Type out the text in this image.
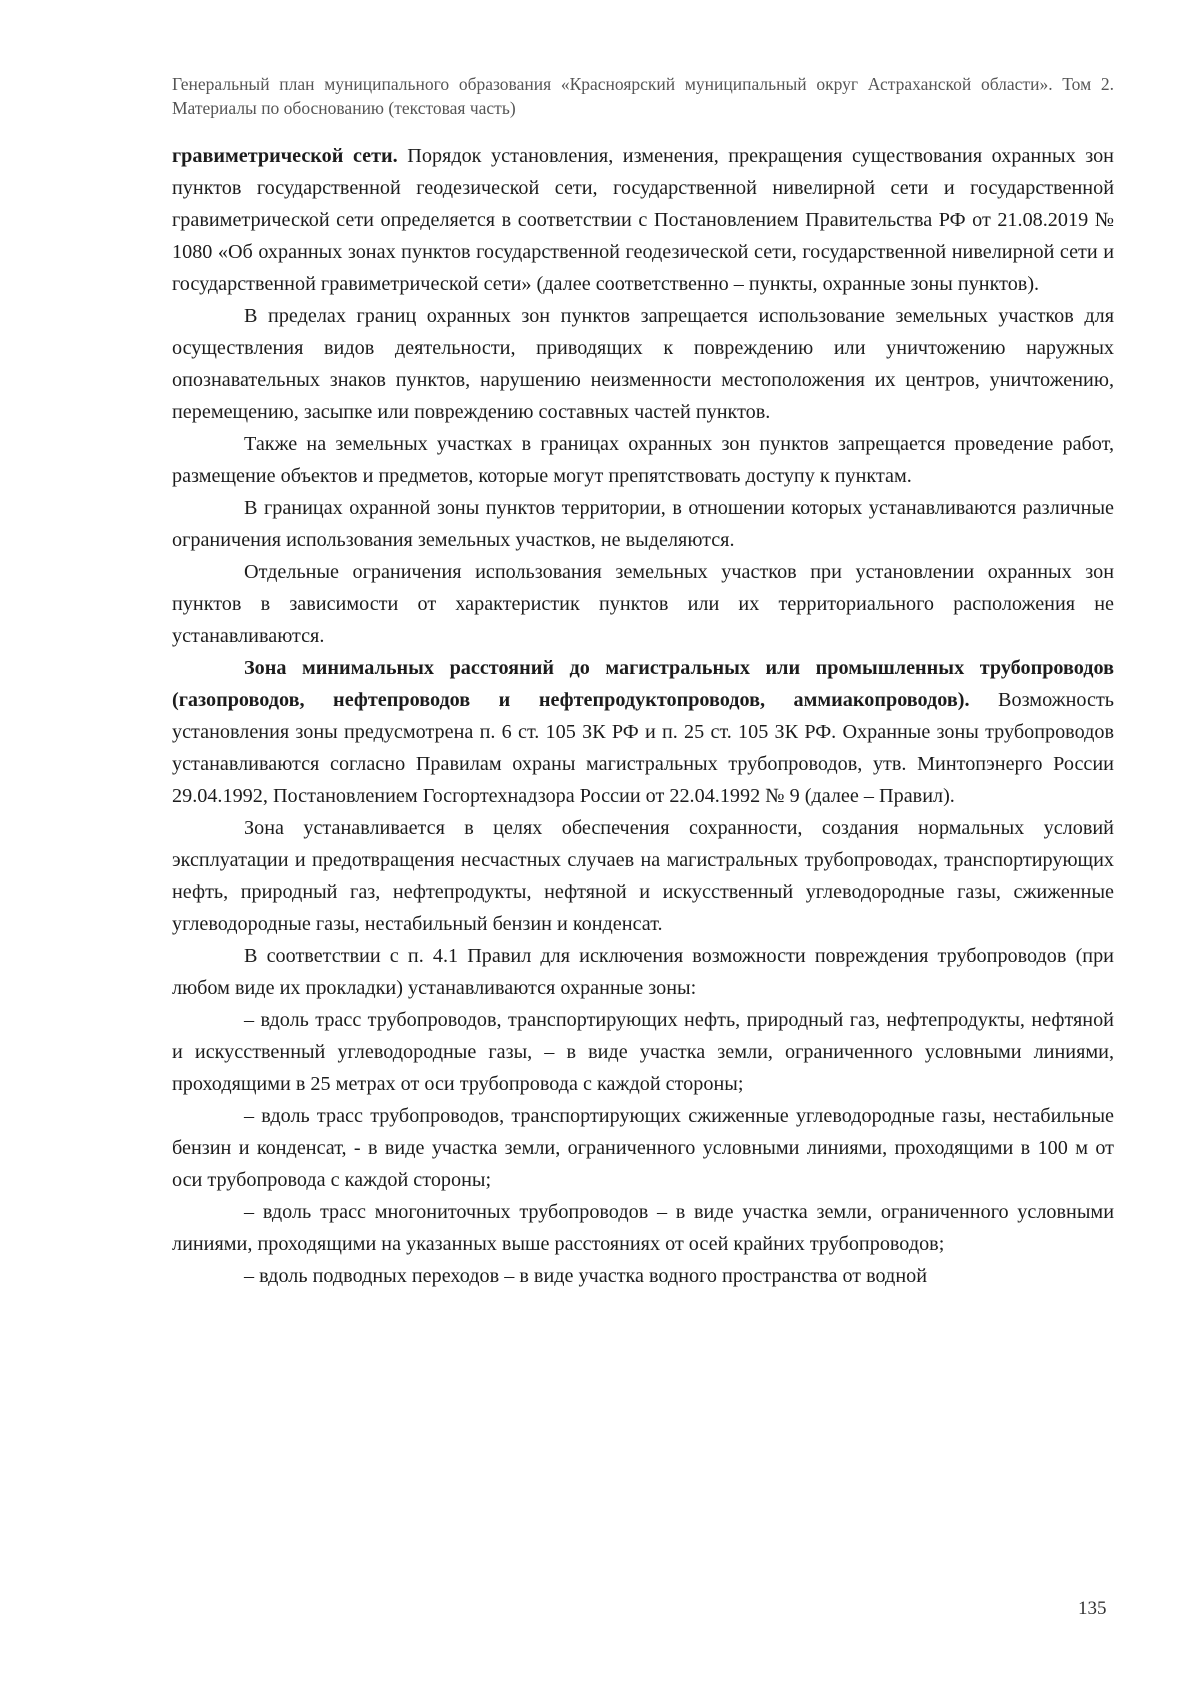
Генеральный план муниципального образования «Красноярский муниципальный округ Астраханской области». Том 2. Материалы по обоснованию (текстовая часть)

гравиметрической сети. Порядок установления, изменения, прекращения существования охранных зон пунктов государственной геодезической сети, государственной нивелирной сети и государственной гравиметрической сети определяется в соответствии с Постановлением Правительства РФ от 21.08.2019 № 1080 «Об охранных зонах пунктов государственной геодезической сети, государственной нивелирной сети и государственной гравиметрической сети» (далее соответственно – пункты, охранные зоны пунктов).

В пределах границ охранных зон пунктов запрещается использование земельных участков для осуществления видов деятельности, приводящих к повреждению или уничтожению наружных опознавательных знаков пунктов, нарушению неизменности местоположения их центров, уничтожению, перемещению, засыпке или повреждению составных частей пунктов.

Также на земельных участках в границах охранных зон пунктов запрещается проведение работ, размещение объектов и предметов, которые могут препятствовать доступу к пунктам.

В границах охранной зоны пунктов территории, в отношении которых устанавливаются различные ограничения использования земельных участков, не выделяются.

Отдельные ограничения использования земельных участков при установлении охранных зон пунктов в зависимости от характеристик пунктов или их территориального расположения не устанавливаются.

Зона минимальных расстояний до магистральных или промышленных трубопроводов (газопроводов, нефтепроводов и нефтепродуктопроводов, аммиакопроводов). Возможность установления зоны предусмотрена п. 6 ст. 105 ЗК РФ и п. 25 ст. 105 ЗК РФ. Охранные зоны трубопроводов устанавливаются согласно Правилам охраны магистральных трубопроводов, утв. Минтопэнерго России 29.04.1992, Постановлением Госгортехнадзора России от 22.04.1992 № 9 (далее – Правил).

Зона устанавливается в целях обеспечения сохранности, создания нормальных условий эксплуатации и предотвращения несчастных случаев на магистральных трубопроводах, транспортирующих нефть, природный газ, нефтепродукты, нефтяной и искусственный углеводородные газы, сжиженные углеводородные газы, нестабильный бензин и конденсат.

В соответствии с п. 4.1 Правил для исключения возможности повреждения трубопроводов (при любом виде их прокладки) устанавливаются охранные зоны:

– вдоль трасс трубопроводов, транспортирующих нефть, природный газ, нефтепродукты, нефтяной и искусственный углеводородные газы, – в виде участка земли, ограниченного условными линиями, проходящими в 25 метрах от оси трубопровода с каждой стороны;

– вдоль трасс трубопроводов, транспортирующих сжиженные углеводородные газы, нестабильные бензин и конденсат, - в виде участка земли, ограниченного условными линиями, проходящими в 100 м от оси трубопровода с каждой стороны;

– вдоль трасс многониточных трубопроводов – в виде участка земли, ограниченного условными линиями, проходящими на указанных выше расстояниях от осей крайних трубопроводов;

– вдоль подводных переходов – в виде участка водного пространства от водной

135
